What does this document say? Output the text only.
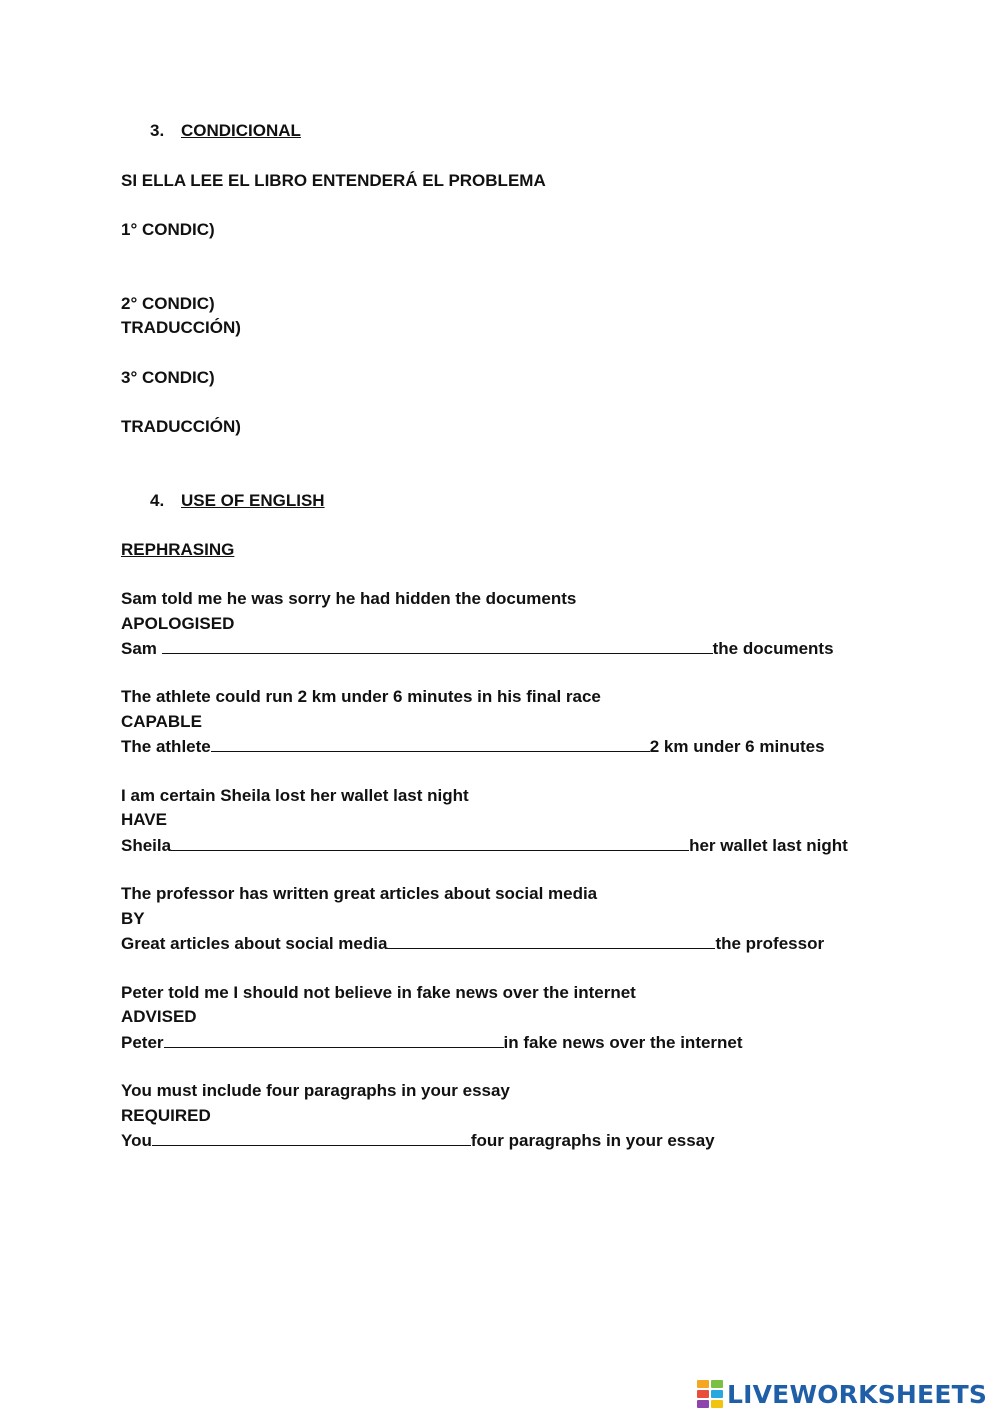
3. CONDICIONAL
SI ELLA LEE EL LIBRO ENTENDERÁ EL PROBLEMA
1° CONDIC)
2° CONDIC)
TRADUCCIÓN)
3° CONDIC)
TRADUCCIÓN)
4. USE OF ENGLISH
REPHRASING
Sam told me he was sorry he had hidden the documents
APOLOGISED
Sam	the documents
The athlete could run 2 km under 6 minutes in his final race
CAPABLE
The athlete	2 km under 6 minutes
I am certain Sheila lost her wallet last night
HAVE
Sheila	her wallet last night
The professor has written great articles about social media
BY
Great articles about social media	the professor
Peter told me I should not believe in fake news over the internet
ADVISED
Peter	in fake news over the internet
You must include four paragraphs in your essay
REQUIRED
You	four paragraphs in your essay
LIVEWORKSHEETS
